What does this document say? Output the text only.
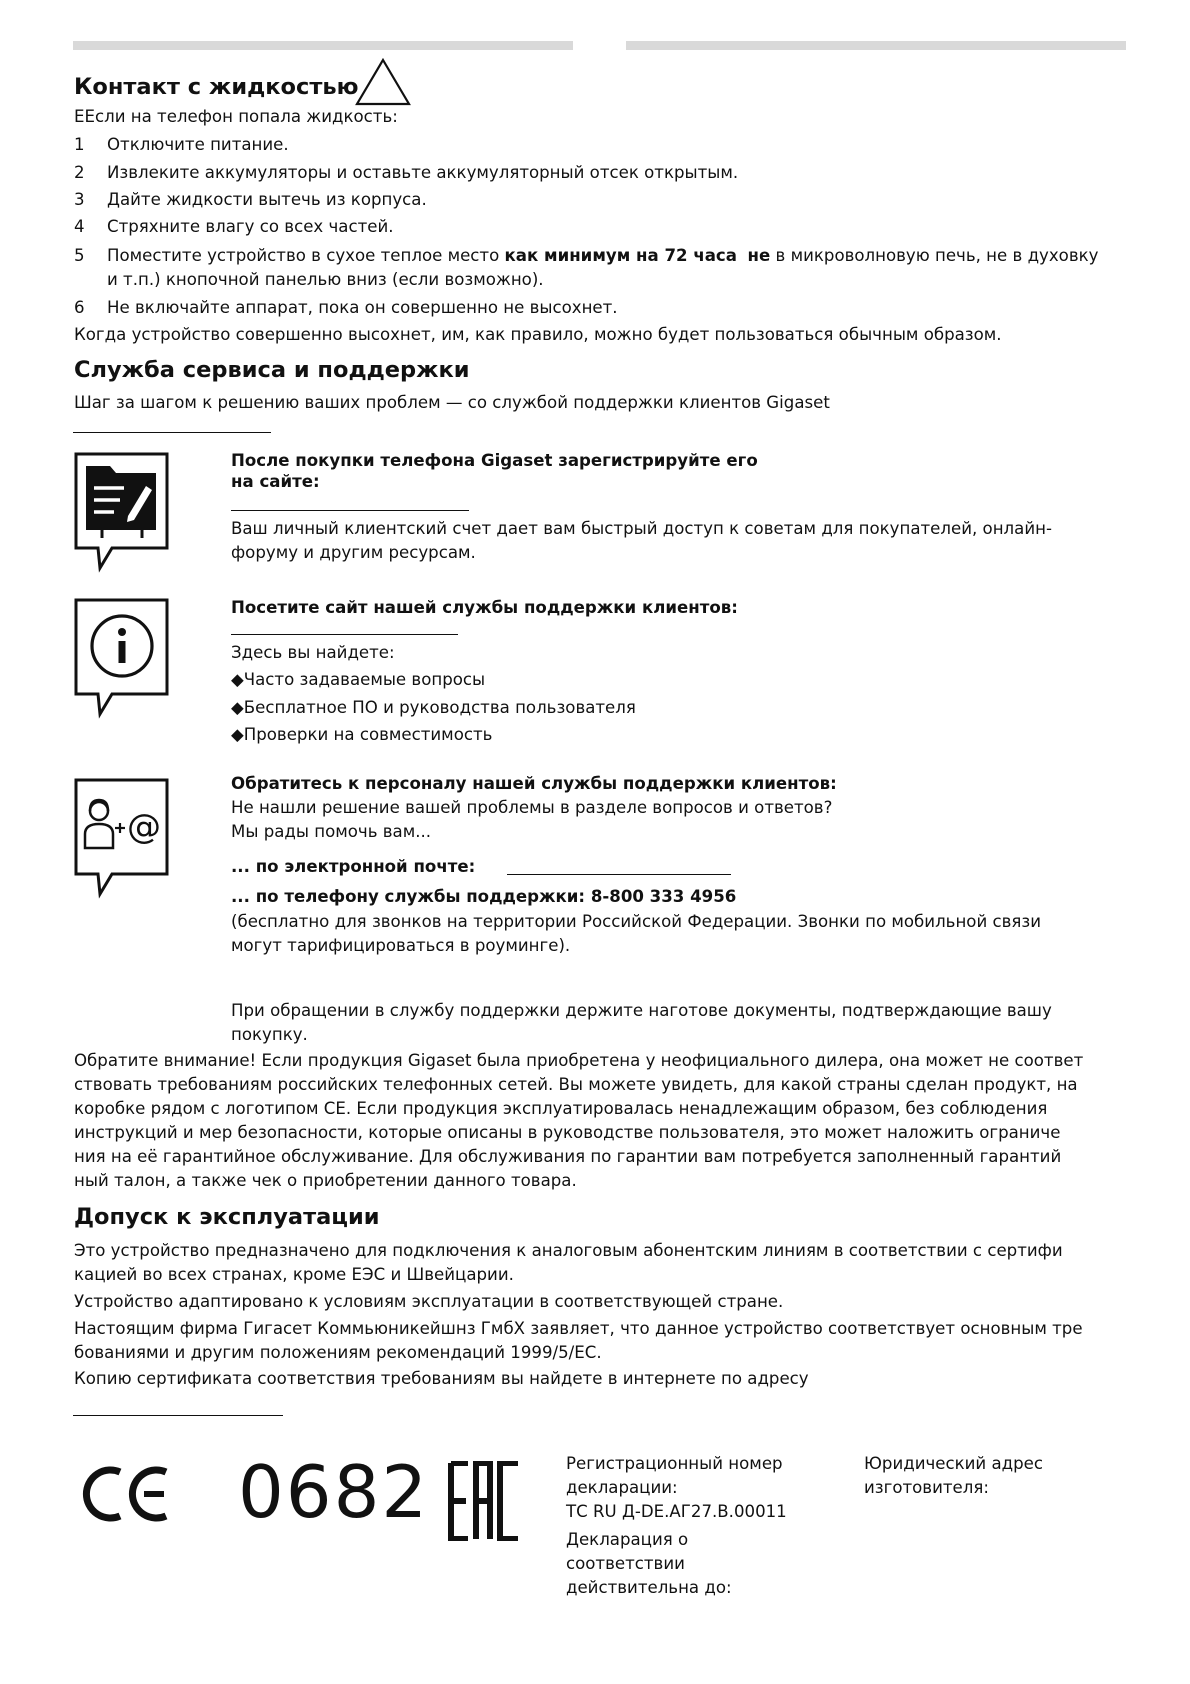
Контакт с жидкостью
ЕЕсли на телефон попала жидкость:
1 Отключите питание.
2 Извлеките аккумуляторы и оставьте аккумуляторный отсек открытым.
3 Дайте жидкости вытечь из корпуса.
4 Стряхните влагу со всех частей.
5 Поместите устройство в сухое теплое место как минимум на 72 часа не в микроволновую печь, не в духовку
и т.п.) кнопочной панелью вниз (если возможно).
6 Не включайте аппарат, пока он совершенно не высохнет.
Когда устройство совершенно высохнет, им, как правило, можно будет пользоваться обычным образом.
Служба сервиса и поддержки
Шаг за шагом к решению ваших проблем — со службой поддержки клиентов Gigaset
После покупки телефона Gigaset зарегистрируйте его
на сайте:
Ваш личный клиентский счет дает вам быстрый доступ к советам для покупателей, онлайн-
форуму и другим ресурсам.
Посетите сайт нашей службы поддержки клиентов:
Здесь вы найдете:
◆Часто задаваемые вопросы
◆Бесплатное ПО и руководства пользователя
◆Проверки на совместимость
@
Обратитесь к персоналу нашей службы поддержки клиентов:
Не нашли решение вашей проблемы в разделе вопросов и ответов?
Мы рады помочь вам...
... по электронной почте:
... по телефону службы поддержки: 8-800 333 4956
(бесплатно для звонков на территории Российской Федерации. Звонки по мобильной связи
могут тарифицироваться в роуминге).
При обращении в службу поддержки держите наготове документы, подтверждающие вашу
покупку.
Обратите внимание! Если продукция Gigaset была приобретена у неофициального дилера, она может не соответ
ствовать требованиям российских телефонных сетей. Вы можете увидеть, для какой страны сделан продукт, на
коробке рядом с логотипом CE. Если продукция эксплуатировалась ненадлежащим образом, без соблюдения
инструкций и мер безопасности, которые описаны в руководстве пользователя, это может наложить ограниче
ния на её гарантийное обслуживание. Для обслуживания по гарантии вам потребуется заполненный гарантий
ный талон, а также чек о приобретении данного товара.
Допуск к эксплуатации
Это устройство предназначено для подключения к аналоговым абонентским линиям в соответствии с сертифи
кацией во всех странах, кроме ЕЭС и Швейцарии.
Устройство адаптировано к условиям эксплуатации в соответствующей стране.
Настоящим фирма Гигасет Коммьюникейшнз ГмбХ заявляет, что данное устройство соответствует основным тре
бованиями и другим положениям рекомендаций 1999/5/EC.
Копию сертификата соответствия требованиям вы найдете в интернете по адресу
0682	Регистрационный номер
декларации:
ТС RU Д-DE.АГ27.В.00011
Декларация о
соответствии
действительна до:
Юридический адрес
изготовителя:
